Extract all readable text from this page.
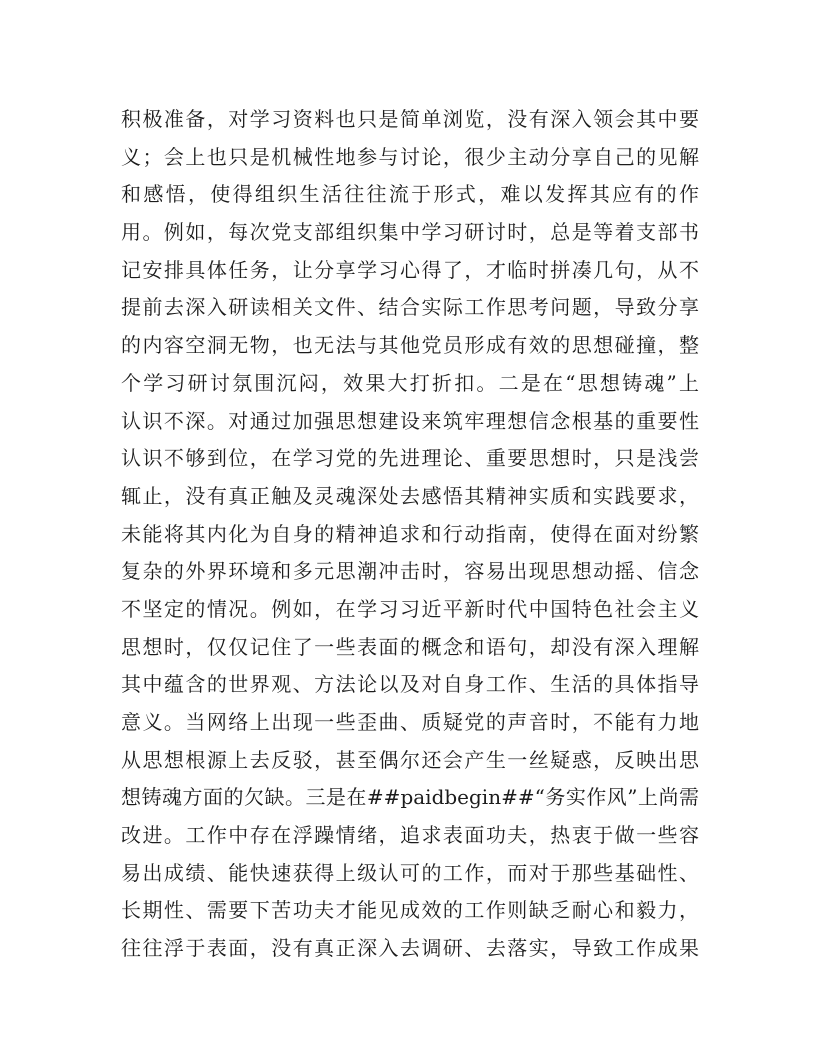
积极准备，对学习资料也只是简单浏览，没有深入领会其中要
义；会上也只是机械性地参与讨论，很少主动分享自己的见解
和感悟，使得组织生活往往流于形式，难以发挥其应有的作
用。例如，每次党支部组织集中学习研讨时，总是等着支部书
记安排具体任务，让分享学习心得了，才临时拼凑几句，从不
提前去深入研读相关文件、结合实际工作思考问题，导致分享
的内容空洞无物，也无法与其他党员形成有效的思想碰撞，整
个学习研讨氛围沉闷，效果大打折扣。二是在“思想铸魂”上
认识不深。对通过加强思想建设来筑牢理想信念根基的重要性
认识不够到位，在学习党的先进理论、重要思想时，只是浅尝
辄止，没有真正触及灵魂深处去感悟其精神实质和实践要求，
未能将其内化为自身的精神追求和行动指南，使得在面对纷繁
复杂的外界环境和多元思潮冲击时，容易出现思想动摇、信念
不坚定的情况。例如，在学习习近平新时代中国特色社会主义
思想时，仅仅记住了一些表面的概念和语句，却没有深入理解
其中蕴含的世界观、方法论以及对自身工作、生活的具体指导
意义。当网络上出现一些歪曲、质疑党的声音时，不能有力地
从思想根源上去反驳，甚至偶尔还会产生一丝疑惑，反映出思
想铸魂方面的欠缺。三是在##paidbegin##“务实作风”上尚需
改进。工作中存在浮躁情绪，追求表面功夫，热衷于做一些容
易出成绩、能快速获得上级认可的工作，而对于那些基础性、
长期性、需要下苦功夫才能见成效的工作则缺乏耐心和毅力，
往往浮于表面，没有真正深入去调研、去落实，导致工作成果
